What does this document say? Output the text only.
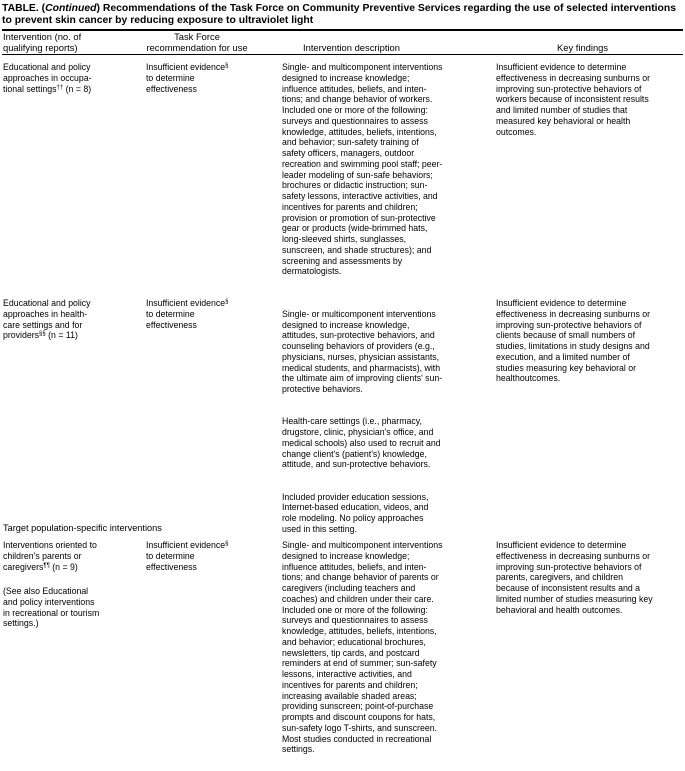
TABLE. (Continued) Recommendations of the Task Force on Community Preventive Services regarding the use of selected interventions to prevent skin cancer by reducing exposure to ultraviolet light
Intervention (no. of
qualifying reports)
Task Force
recommendation for use	Intervention description	Key findings
Educational and policy
approaches in occupa-
tional settings†† (n = 8)
Insufficient evidence§
to determine
effectiveness
Single- and multicomponent interventions
designed to increase knowledge;
influence attitudes, beliefs, and inten-
tions; and change behavior of workers.
Included one or more of the following:
surveys and questionnaires to assess
knowledge, attitudes, beliefs, intentions,
and behavior; sun-safety training of
safety officers, managers, outdoor
recreation and swimming pool staff; peer-
leader modeling of sun-safe behaviors;
brochures or didactic instruction; sun-
safety lessons, interactive activities, and
incentives for parents and children;
provision or promotion of sun-protective
gear or products (wide-brimmed hats,
long-sleeved shirts, sunglasses,
sunscreen, and shade structures); and
screening and assessments by
dermatologists.
Insufficient evidence to determine
effectiveness in decreasing sunburns or
improving sun-protective behaviors of
workers because of inconsistent results
and limited number of studies that
measured key behavioral or health
outcomes.
Educational and policy
approaches in health-
care settings and for
providers§§ (n = 11)
Insufficient evidence§
to determine
effectiveness

Single- or multicomponent interventions
designed to increase knowledge,
attitudes, sun-protective behaviors, and
counseling behaviors of providers (e.g.,
physicians, nurses, physician assistants,
medical students, and pharmacists), with
the ultimate aim of improving clients' sun-
protective behaviors.

Health-care settings (i.e., pharmacy,
drugstore, clinic, physician's office, and
medical schools) also used to recruit and
change client's (patient's) knowledge,
attitude, and sun-protective behaviors.

Included provider education sessions,
Internet-based education, videos, and
role modeling. No policy approaches
used in this setting.

Insufficient evidence to determine
effectiveness in decreasing sunburns or
improving sun-protective behaviors of
clients because of small numbers of
studies, limitations in study designs and
execution, and a limited number of
studies measuring key behavioral or
healthoutcomes.
Target population-specific interventions
Interventions oriented to
children's parents or
caregivers¶¶ (n = 9)
(See also Educational
and policy interventions
in recreational or tourism
settings.)
Insufficient evidence§
to determine
effectiveness
Single- and multicomponent interventions
designed to increase knowledge;
influence attitudes, beliefs, and inten-
tions; and change behavior of parents or
caregivers (including teachers and
coaches) and children under their care.
Included one or more of the following:
surveys and questionnaires to assess
knowledge, attitudes, beliefs, intentions,
and behavior; educational brochures,
newsletters, tip cards, and postcard
reminders at end of summer; sun-safety
lessons, interactive activities, and
incentives for parents and children;
increasing available shaded areas;
providing sunscreen; point-of-purchase
prompts and discount coupons for hats,
sun-safety logo T-shirts, and sunscreen.
Most studies conducted in recreational
settings.
Insufficient evidence to determine
effectiveness in decreasing sunburns or
improving sun-protective behaviors of
parents, caregivers, and children
because of inconsistent results and a
limited number of studies measuring key
behavioral and health outcomes.
